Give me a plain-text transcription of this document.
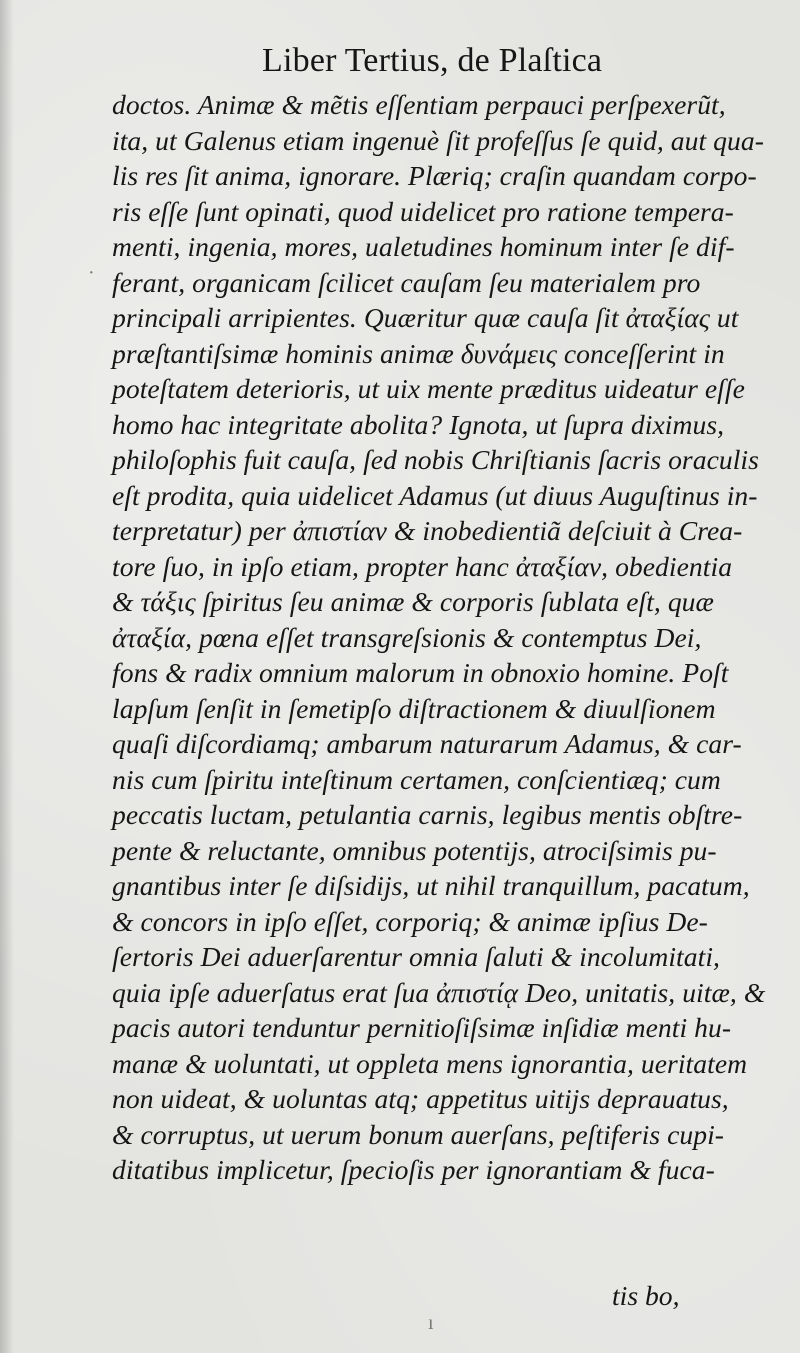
Liber Tertius, de Plaſtica
doctos. Animæ & mẽtis eſſentiam perpauci perſpexerũt,
ita, ut Galenus etiam ingenuè ſit profeſſus ſe quid, aut qua-
lis res ſit anima, ignorare. Plæriq; craſin quandam corpo-
ris eſſe ſunt opinati, quod uidelicet pro ratione tempera-
menti, ingenia, mores, ualetudines hominum inter ſe dif-
ferant, organicam ſcilicet cauſam ſeu materialem pro
principali arripientes. Quæritur quæ cauſa ſit ἀταξίας ut
præſtantiſsimæ hominis animæ δυνάμεις conceſſerint in
poteſtatem deterioris, ut uix mente præditus uideatur eſſe
homo hac integritate abolita? Ignota, ut ſupra diximus,
philoſophis fuit cauſa, ſed nobis Chriſtianis ſacris oraculis
eſt prodita, quia uidelicet Adamus (ut diuus Auguſtinus in-
terpretatur) per ἀπιστίαν & inobedientiã deſciuit à Crea-
tore ſuo, in ipſo etiam, propter hanc ἀταξίαν, obedientia
& τάξις ſpiritus ſeu animæ & corporis ſublata eſt, quæ
ἀταξία, pœna eſſet transgreſsionis & contemptus Dei,
fons & radix omnium malorum in obnoxio homine. Poſt
lapſum ſenſit in ſemetipſo diſtractionem & diuulſionem
quaſi diſcordiamq; ambarum naturarum Adamus, & car-
nis cum ſpiritu inteſtinum certamen, conſcientiæq; cum
peccatis luctam, petulantia carnis, legibus mentis obſtre-
pente & reluctante, omnibus potentijs, atrociſsimis pu-
gnantibus inter ſe diſsidijs, ut nihil tranquillum, pacatum,
& concors in ipſo eſſet, corporiq; & animæ ipſius De-
ſertoris Dei aduerſarentur omnia ſaluti & incolumitati,
quia ipſe aduerſatus erat ſua ἀπιστίᾳ Deo, unitatis, uitæ, &
pacis autori tenduntur pernitioſiſsimæ inſidiæ menti hu-
manæ & uoluntati, ut oppleta mens ignorantia, ueritatem
non uideat, & uoluntas atq; appetitus uitijs deprauatus,
& corruptus, ut uerum bonum auerſans, peſtiferis cupi-
ditatibus implicetur, ſpecioſis per ignorantiam & fuca-
tis bo,
·
ı
